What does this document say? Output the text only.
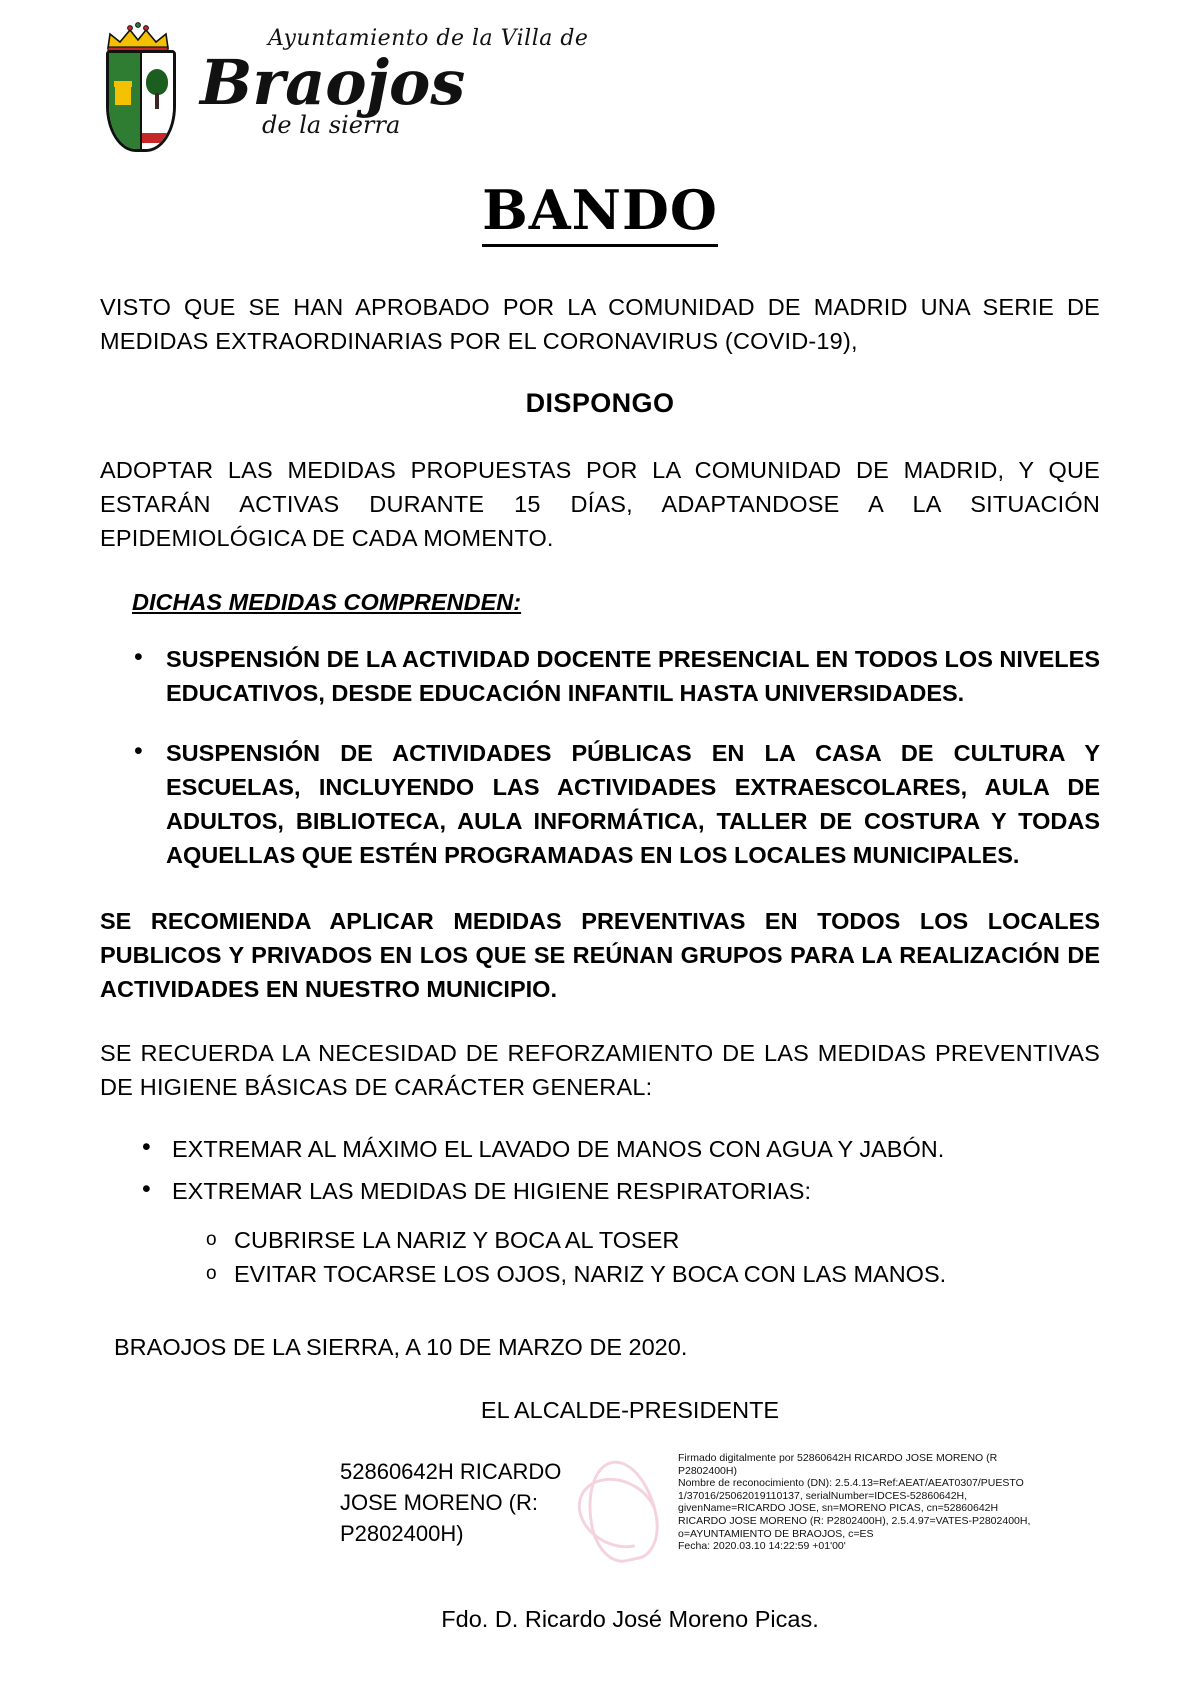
Ayuntamiento de la Villa de
Braojos
de la sierra
BANDO

VISTO QUE SE HAN APROBADO POR LA COMUNIDAD DE MADRID UNA SERIE DE MEDIDAS EXTRAORDINARIAS POR EL CORONAVIRUS (COVID-19),

DISPONGO

ADOPTAR LAS MEDIDAS PROPUESTAS POR LA COMUNIDAD DE MADRID, Y QUE ESTARÁN ACTIVAS DURANTE 15 DÍAS, ADAPTANDOSE A LA SITUACIÓN EPIDEMIOLÓGICA DE CADA MOMENTO.

DICHAS MEDIDAS COMPRENDEN:
• SUSPENSIÓN DE LA ACTIVIDAD DOCENTE PRESENCIAL EN TODOS LOS NIVELES EDUCATIVOS, DESDE EDUCACIÓN INFANTIL HASTA UNIVERSIDADES.
• SUSPENSIÓN DE ACTIVIDADES PÚBLICAS EN LA CASA DE CULTURA Y ESCUELAS, INCLUYENDO LAS ACTIVIDADES EXTRAESCOLARES, AULA DE ADULTOS, BIBLIOTECA, AULA INFORMÁTICA, TALLER DE COSTURA Y TODAS AQUELLAS QUE ESTÉN PROGRAMADAS EN LOS LOCALES MUNICIPALES.

SE RECOMIENDA APLICAR MEDIDAS PREVENTIVAS EN TODOS LOS LOCALES PUBLICOS Y PRIVADOS EN LOS QUE SE REÚNAN GRUPOS PARA LA REALIZACIÓN DE ACTIVIDADES EN NUESTRO MUNICIPIO.

SE RECUERDA LA NECESIDAD DE REFORZAMIENTO DE LAS MEDIDAS PREVENTIVAS DE HIGIENE BÁSICAS DE CARÁCTER GENERAL:

• EXTREMAR AL MÁXIMO EL LAVADO DE MANOS CON AGUA Y JABÓN.
• EXTREMAR LAS MEDIDAS DE HIGIENE RESPIRATORIAS:
o CUBRIRSE LA NARIZ Y BOCA AL TOSER
o EVITAR TOCARSE LOS OJOS, NARIZ Y BOCA CON LAS MANOS.

BRAOJOS DE LA SIERRA, A 10 DE MARZO DE 2020.

EL ALCALDE-PRESIDENTE

52860642H RICARDO JOSE MORENO (R: P2802400H)
Firmado digitalmente por 52860642H RICARDO JOSE MORENO (R
P2802400H)
Nombre de reconocimiento (DN): 2.5.4.13=Ref:AEAT/AEAT0307/PUESTO
1/37016/25062019110137, serialNumber=IDCES-52860642H,
givenName=RICARDO JOSE, sn=MORENO PICAS, cn=52860642H
RICARDO JOSE MORENO (R: P2802400H), 2.5.4.97=VATES-P2802400H,
o=AYUNTAMIENTO DE BRAOJOS, c=ES
Fecha: 2020.03.10 14:22:59 +01'00'

Fdo. D. Ricardo José Moreno Picas.
